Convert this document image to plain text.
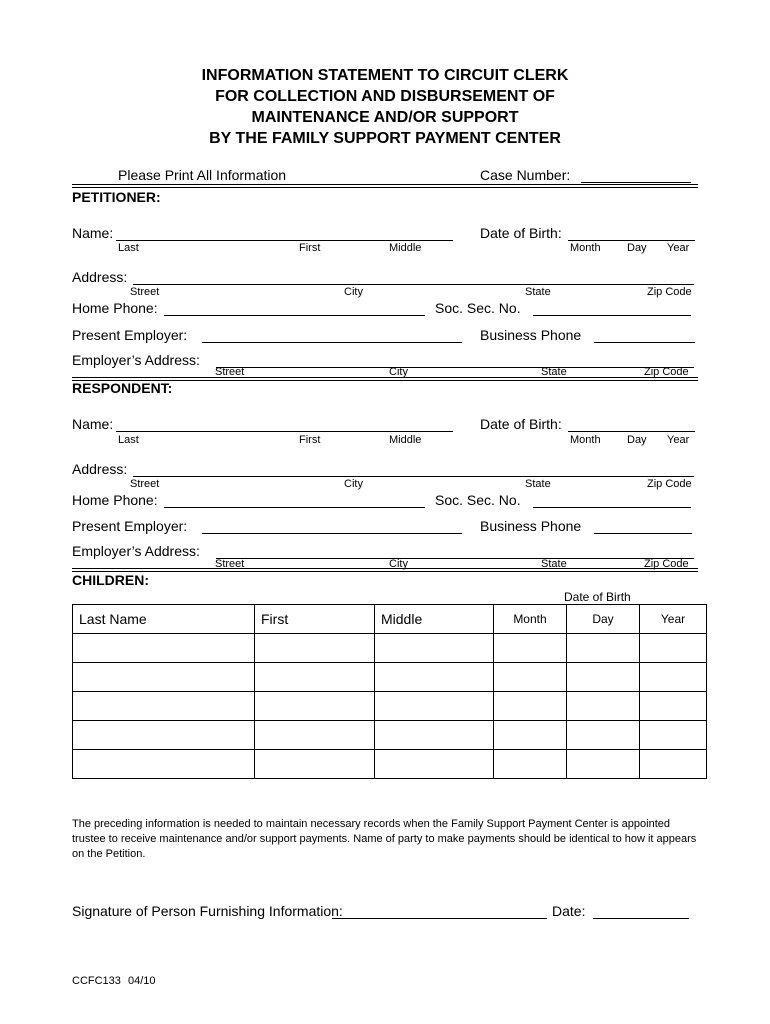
INFORMATION STATEMENT TO CIRCUIT CLERK
FOR COLLECTION AND DISBURSEMENT OF
MAINTENANCE AND/OR SUPPORT
BY THE FAMILY SUPPORT PAYMENT CENTER
Please Print All Information	Case Number:
PETITIONER:
Name:
Last	First	Middle
Date of Birth:
Month Day Year
Address:
Street	City	State	Zip Code
Home Phone:	Soc. Sec. No.
Present Employer:	Business Phone
Employer’s Address:
Street	City	State	Zip Code
RESPONDENT:
Name:
Last	First	Middle
Date of Birth:
Month Day Year
Address:
Street	City	State	Zip Code
Home Phone:	Soc. Sec. No.
Present Employer:	Business Phone
Employer’s Address:
Street	City	State	Zip Code
CHILDREN:
Date of Birth
Last Name	First	Middle	Month	Day	Year

The preceding information is needed to maintain necessary records when the Family Support Payment Center is appointed trustee to receive maintenance and/or support payments. Name of party to make payments should be identical to how it appears on the Petition.
Signature of Person Furnishing Information:	Date:
CCFC133 04/10
